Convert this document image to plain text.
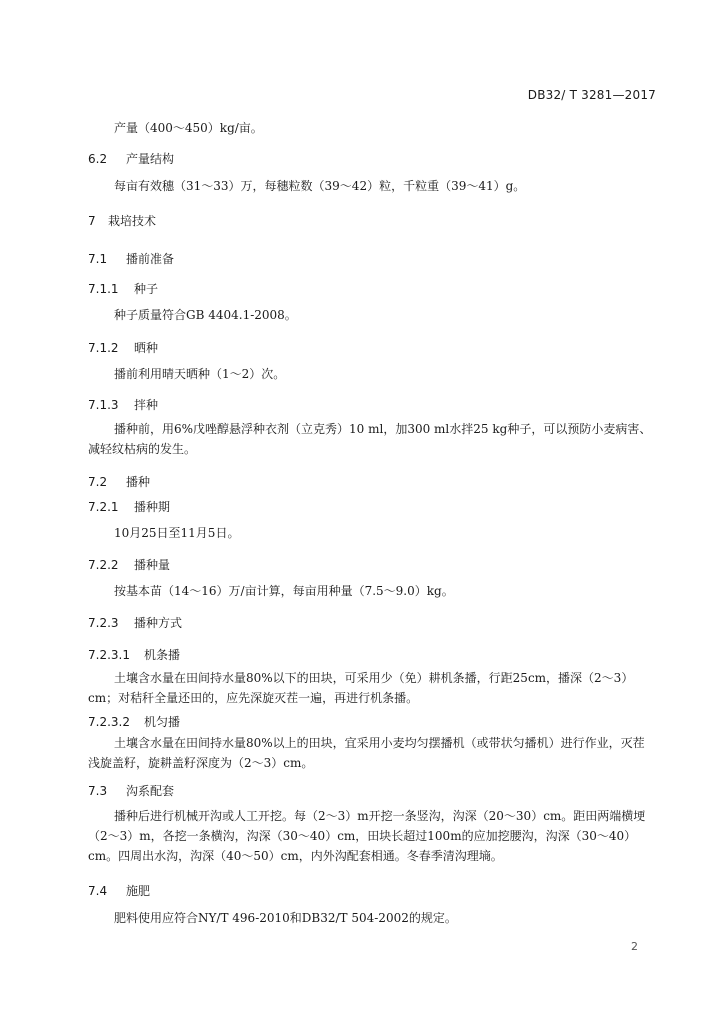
DB32/ T 3281—2017
产量（400～450）kg/亩。
6.2 产量结构
每亩有效穗（31～33）万，每穗粒数（39～42）粒，千粒重（39～41）g。
7 栽培技术
7.1 播前准备
7.1.1 种子
种子质量符合GB 4404.1-2008。
7.1.2 晒种
播前利用晴天晒种（1～2）次。
7.1.3 拌种
播种前，用6%戊唑醇悬浮种衣剂（立克秀）10 ml，加300 ml水拌25 kg种子，可以预防小麦病害、减轻纹枯病的发生。
7.2 播种
7.2.1 播种期
10月25日至11月5日。
7.2.2 播种量
按基本苗（14～16）万/亩计算，每亩用种量（7.5～9.0）kg。
7.2.3 播种方式
7.2.3.1 机条播
土壤含水量在田间持水量80%以下的田块，可采用少（免）耕机条播，行距25cm，播深（2～3）cm；对秸秆全量还田的，应先深旋灭茬一遍，再进行机条播。
7.2.3.2 机匀播
土壤含水量在田间持水量80%以上的田块，宜采用小麦均匀摆播机（或带状匀播机）进行作业，灭茬浅旋盖籽，旋耕盖籽深度为（2～3）cm。
7.3 沟系配套
播种后进行机械开沟或人工开挖。每（2～3）m开挖一条竖沟，沟深（20～30）cm。距田两端横埂（2～3）m，各挖一条横沟，沟深（30～40）cm，田块长超过100m的应加挖腰沟，沟深（30～40）cm。四周出水沟，沟深（40～50）cm，内外沟配套相通。冬春季清沟理墒。
7.4 施肥
肥料使用应符合NY/T 496-2010和DB32/T 504-2002的规定。
2
